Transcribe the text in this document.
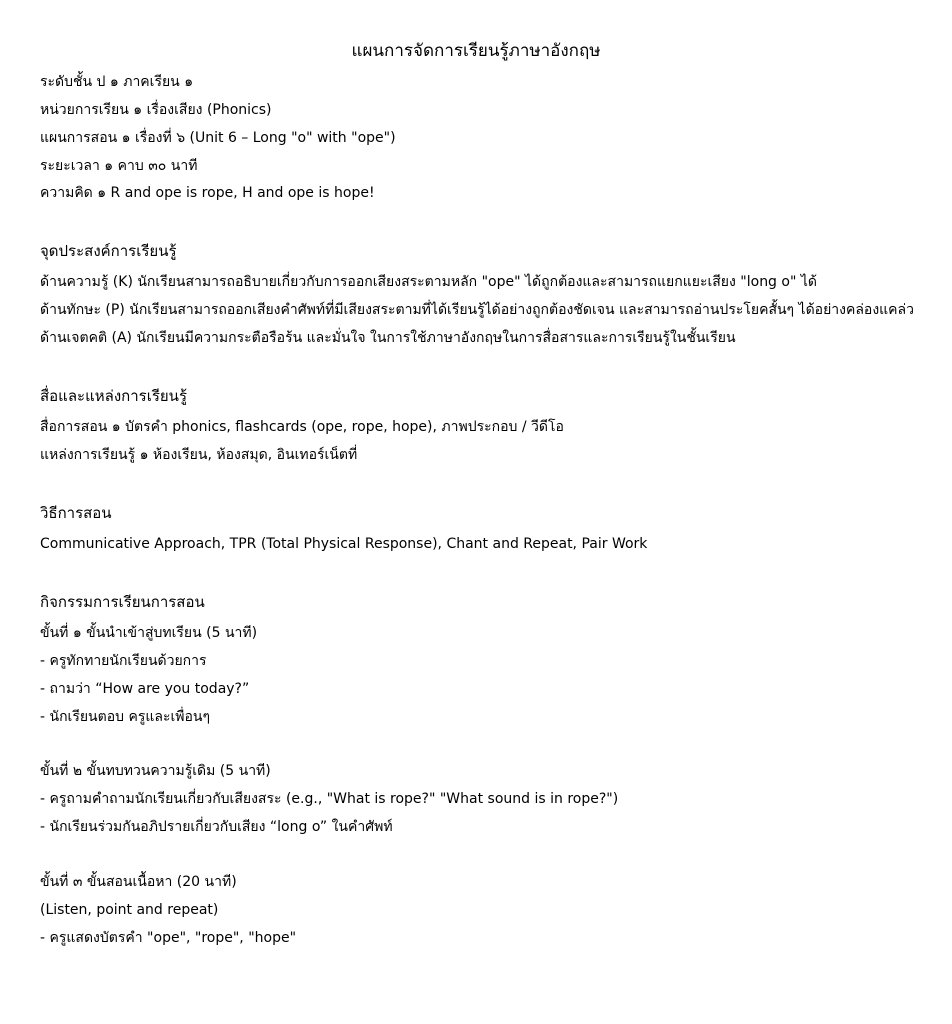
แผนการจัดการเรียนรู้ภาษาอังกฤษ
ระดับชั้น ป ๑ ภาคเรียน ๑
หน่วยการเรียน ๑ เรื่องเสียง (Phonics)
แผนการสอน ๑ เรื่องที่ ๖ (Unit 6 – Long "o" with "ope")
ระยะเวลา ๑ คาบ ๓๐ นาที
ความคิด ๑ R and ope is rope, H and ope is hope!
จุดประสงค์การเรียนรู้
ด้านความรู้ (K) นักเรียนสามารถอธิบายเกี่ยวกับการออกเสียงสระตามหลัก "ope" ได้ถูกต้องและสามารถแยกแยะเสียง "long o" ได้
ด้านทักษะ (P) นักเรียนสามารถออกเสียงคำศัพท์ที่มีเสียงสระตามที่ได้เรียนรู้ได้อย่างถูกต้องชัดเจน และสามารถอ่านประโยคสั้นๆ ได้อย่างคล่องแคล่ว
ด้านเจตคติ (A) นักเรียนมีความกระตือรือร้น และมั่นใจ ในการใช้ภาษาอังกฤษในการสื่อสารและการเรียนรู้ในชั้นเรียน
สื่อและแหล่งการเรียนรู้
สื่อการสอน ๑ บัตรคำ phonics, flashcards (ope, rope, hope), ภาพประกอบ / วีดีโอ
แหล่งการเรียนรู้ ๑ ห้องเรียน, ห้องสมุด, อินเทอร์เน็ตที่
วิธีการสอน
Communicative Approach, TPR (Total Physical Response), Chant and Repeat, Pair Work
กิจกรรมการเรียนการสอน
ขั้นที่ ๑ ขั้นนำเข้าสู่บทเรียน (5 นาที)
- ครูทักทายนักเรียนด้วยการ
- ถามว่า “How are you today?”
- นักเรียนตอบ ครูและเพื่อนๆ
ขั้นที่ ๒ ขั้นทบทวนความรู้เดิม (5 นาที)
- ครูถามคำถามนักเรียนเกี่ยวกับเสียงสระ (e.g., "What is rope?" "What sound is in rope?")
- นักเรียนร่วมกันอภิปรายเกี่ยวกับเสียง “long o” ในคำศัพท์
ขั้นที่ ๓ ขั้นสอนเนื้อหา (20 นาที)
(Listen, point and repeat)
- ครูแสดงบัตรคำ "ope", "rope", "hope"
